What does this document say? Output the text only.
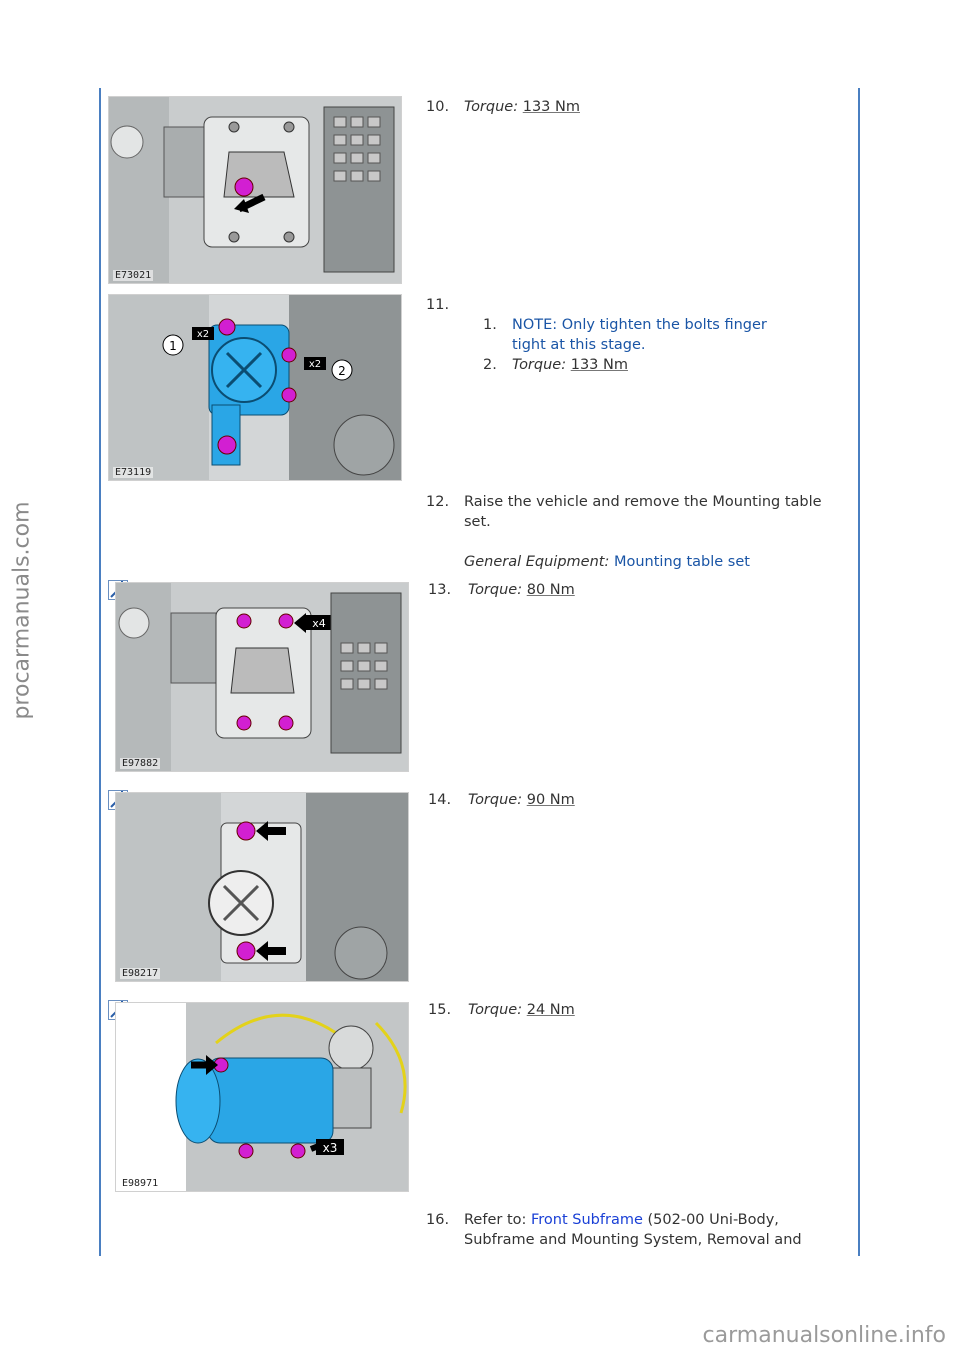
procarmanuals.com
E73021
10. Torque: 133 Nm
1
2
x2
x2
E73119
11.
1. NOTE: Only tighten the bolts finger
tight at this stage.
2. Torque: 133 Nm
12. Raise the vehicle and remove the Mounting table
set.
General Equipment: Mounting table set
x4
E97882
13. Torque: 80 Nm
E98217
14. Torque: 90 Nm
x3
E98971
15. Torque: 24 Nm
16. Refer to: Front Subframe (502-00 Uni-Body,
Subframe and Mounting System, Removal and
carmanualsonline.info
